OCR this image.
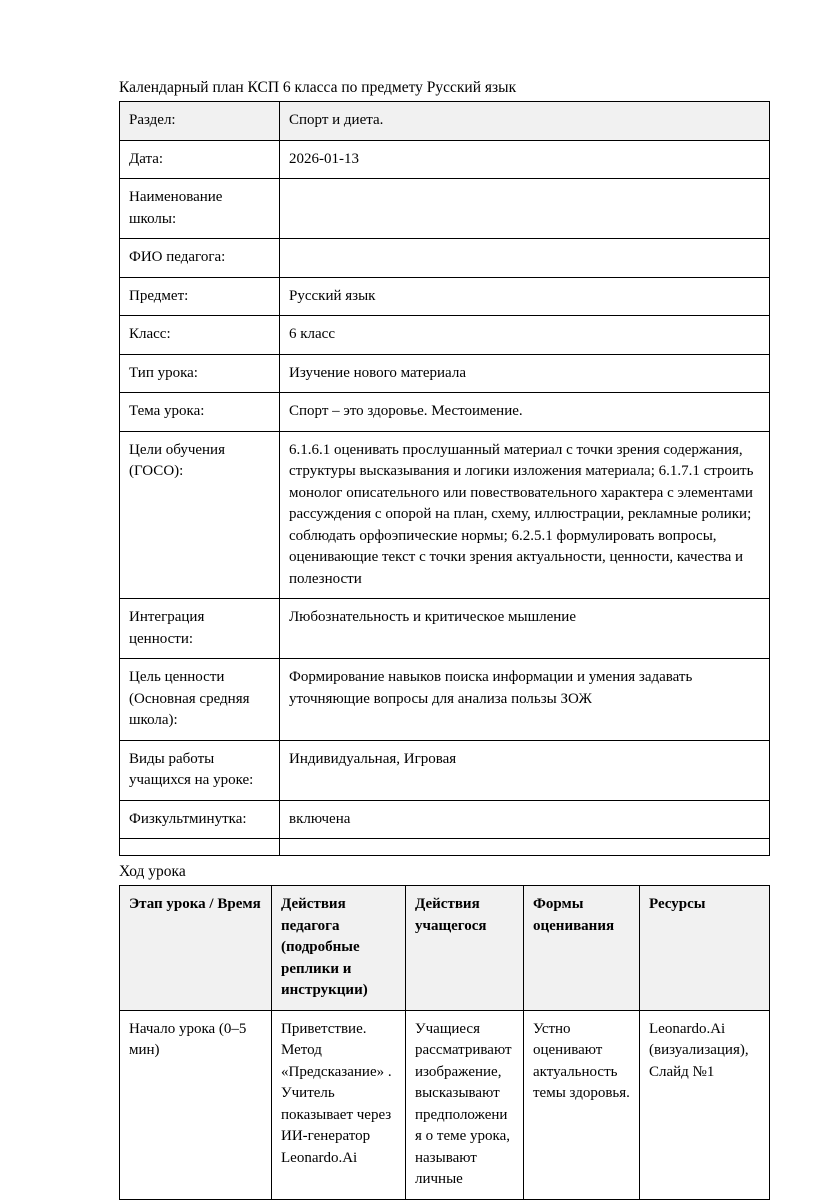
Календарный план КСП 6 класса по предмету Русский язык
Раздел:	Спорт и диета.
Дата:	2026-01-13
Наименование школы:	
ФИО педагога:	
Предмет:	Русский язык
Класс:	6 класс
Тип урока:	Изучение нового материала
Тема урока:	Спорт – это здоровье. Местоимение.
Цели обучения (ГОСО):	6.1.6.1 оценивать прослушанный материал с точки зрения содержания, структуры высказывания и логики изложения материала; 6.1.7.1 строить монолог описательного или повествовательного характера с элементами рассуждения с опорой на план, схему, иллюстрации, рекламные ролики; соблюдать орфоэпические нормы; 6.2.5.1 формулировать вопросы, оценивающие текст с точки зрения актуальности, ценности, качества и полезности
Интеграция ценности:	Любознательность и критическое мышление
Цель ценности (Основная средняя школа):	Формирование навыков поиска информации и умения задавать уточняющие вопросы для анализа пользы ЗОЖ
Виды работы учащихся на уроке:	Индивидуальная, Игровая
Физкультминутка:	включена

Ход урока
Этап урока / Время	Действия педагога (подробные реплики и инструкции)	Действия учащегося	Формы оценивания	Ресурсы
Начало урока (0–5 мин)	Приветствие. Метод «Предсказание» . Учитель показывает через ИИ-генератор Leonardo.Ai	Учащиеся рассматривают изображение, высказывают предположения о теме урока, называют личные	Устно оценивают актуальность темы здоровья.	Leonardo.Ai (визуализация), Слайд №1
